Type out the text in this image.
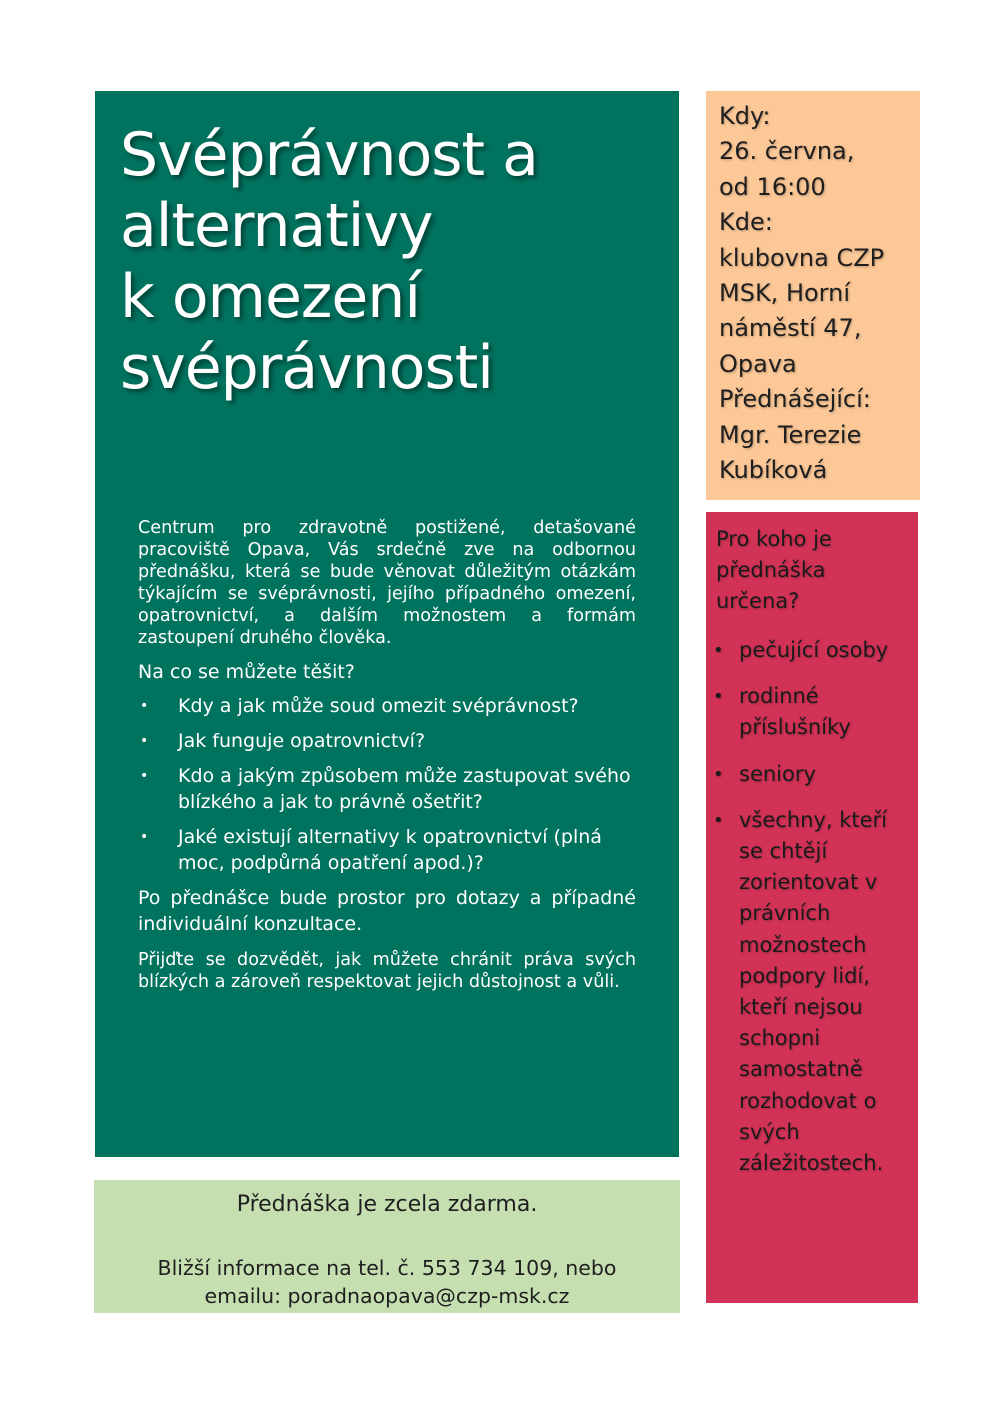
Svéprávnost a
alternativy
k omezení
svéprávnosti

Centrum pro zdravotně postižené, detašované pracoviště Opava, Vás srdečně zve na odbornou přednášku, která se bude věnovat důležitým otázkám týkajícím se svéprávnosti, jejího případného omezení, opatrovnictví, a dalším možnostem a formám zastoupení druhého člověka.

Na co se můžete těšit?

• Kdy a jak může soud omezit svéprávnost?
• Jak funguje opatrovnictví?
• Kdo a jakým způsobem může zastupovat svého blízkého a jak to právně ošetřit?
• Jaké existují alternativy k opatrovnictví (plná moc, podpůrná opatření apod.)?

Po přednášce bude prostor pro dotazy a případné individuální konzultace.

Přijďte se dozvědět, jak můžete chránit práva svých blízkých a zároveň respektovat jejich důstojnost a vůli.

Kdy:
26. června,
od 16:00
Kde:
klubovna CZP
MSK, Horní
náměstí 47,
Opava
Přednášející:
Mgr. Terezie
Kubíková

Pro koho je přednáška určena?

• pečující osoby
• rodinné příslušníky
• seniory
• všechny, kteří se chtějí zorientovat v právních možnostech podpory lidí, kteří nejsou schopni samostatně rozhodovat o svých záležitostech.
Přednáška je zcela zdarma.
Bližší informace na tel. č. 553 734 109, nebo
emailu: poradnaopava@czp-msk.cz
